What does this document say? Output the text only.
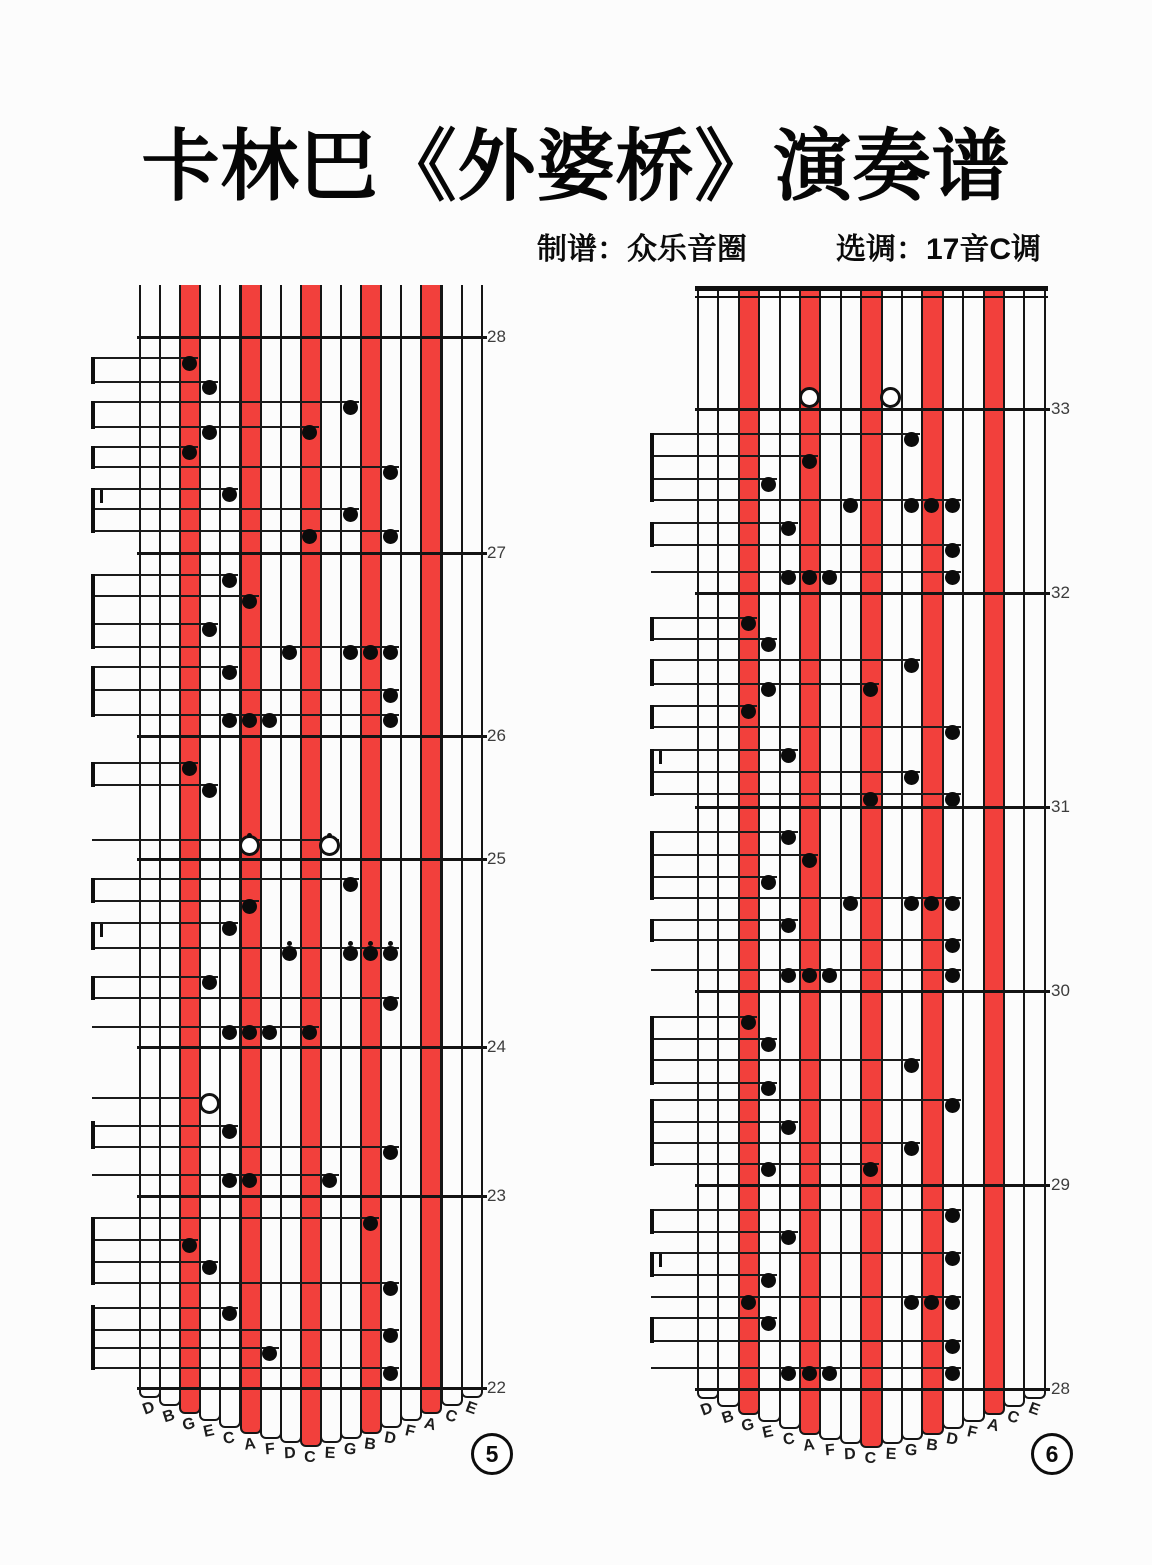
卡林巴《外婆桥》演奏谱
制谱：众乐音圈	选调：17音C调
28
27
26
25
24
23
22
D B G E C A F D C E G B D F A C E
5
33
32
31
30
29
28
D B G E C A F D C E G B D F A C E
6
